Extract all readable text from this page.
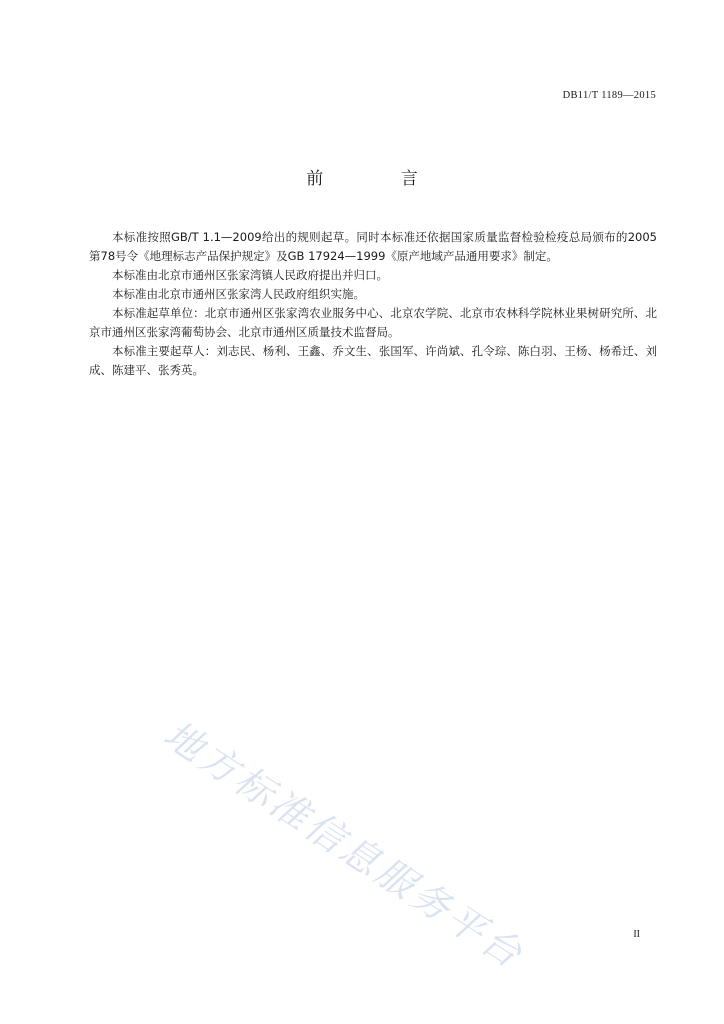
DB11/T 1189—2015
前 言

本标准按照GB/T 1.1—2009给出的规则起草。同时本标准还依据国家质量监督检验检疫总局颁布的2005第78号令《地理标志产品保护规定》及GB 17924—1999《原产地域产品通用要求》制定。

本标准由北京市通州区张家湾镇人民政府提出并归口。

本标准由北京市通州区张家湾人民政府组织实施。

本标准起草单位：北京市通州区张家湾农业服务中心、北京农学院、北京市农林科学院林业果树研究所、北京市通州区张家湾葡萄协会、北京市通州区质量技术监督局。

本标准主要起草人：刘志民、杨利、王鑫、乔文生、张国军、许尚斌、孔令琮、陈白羽、王杨、杨希迁、刘成、陈建平、张秀英。

地方标准信息服务平台	II
